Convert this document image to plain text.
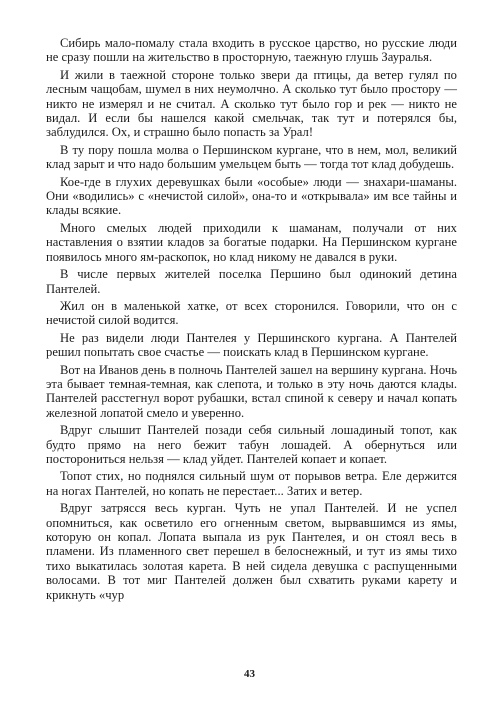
Сибирь мало-помалу стала входить в русское царство, но русские люди не сразу пошли на жительство в просторную, таежную глушь Зауралья.

И жили в таежной стороне только звери да птицы, да ветер гулял по лесным чащобам, шумел в них неумолчно. А сколько тут было простору — никто не измерял и не считал. А сколько тут было гор и рек — никто не видал. И если бы нашелся какой смельчак, так тут и потерялся бы, заблудился. Ох, и страшно было попасть за Урал!

В ту пору пошла молва о Першинском кургане, что в нем, мол, великий клад зарыт и что надо большим умельцем быть — тогда тот клад добудешь.

Кое-где в глухих деревушках были «особые» люди — знахари-шаманы. Они «водились» с «нечистой силой», она-то и «открывала» им все тайны и клады всякие.

Много смелых людей приходили к шаманам, получали от них наставления о взятии кладов за богатые подарки. На Першинском кургане появилось много ям-раскопок, но клад никому не давался в руки.

В числе первых жителей поселка Першино был одинокий детина Пантелей.

Жил он в маленькой хатке, от всех сторонился. Говорили, что он с нечистой силой водится.

Не раз видели люди Пантелея у Першинского кургана. А Пантелей решил попытать свое счастье — поискать клад в Першинском кургане.

Вот на Иванов день в полночь Пантелей зашел на вершину кургана. Ночь эта бывает темная-темная, как слепота, и только в эту ночь даются клады. Пантелей расстегнул ворот рубашки, встал спиной к северу и начал копать железной лопатой смело и уверенно.

Вдруг слышит Пантелей позади себя сильный лошадиный топот, как будто прямо на него бежит табун лошадей. А обернуться или посторониться нельзя — клад уйдет. Пантелей копает и копает.

Топот стих, но поднялся сильный шум от порывов ветра. Еле держится на ногах Пантелей, но копать не перестает... Затих и ветер.

Вдруг затрясся весь курган. Чуть не упал Пантелей. И не успел опомниться, как осветило его огненным светом, вырвавшимся из ямы, которую он копал. Лопата выпала из рук Пантелея, и он стоял весь в пламени. Из пламенного свет перешел в белоснежный, и тут из ямы тихо тихо выкатилась золотая карета. В ней сидела девушка с распущенными волосами. В тот миг Пантелей должен был схватить руками карету и крикнуть «чур

43
